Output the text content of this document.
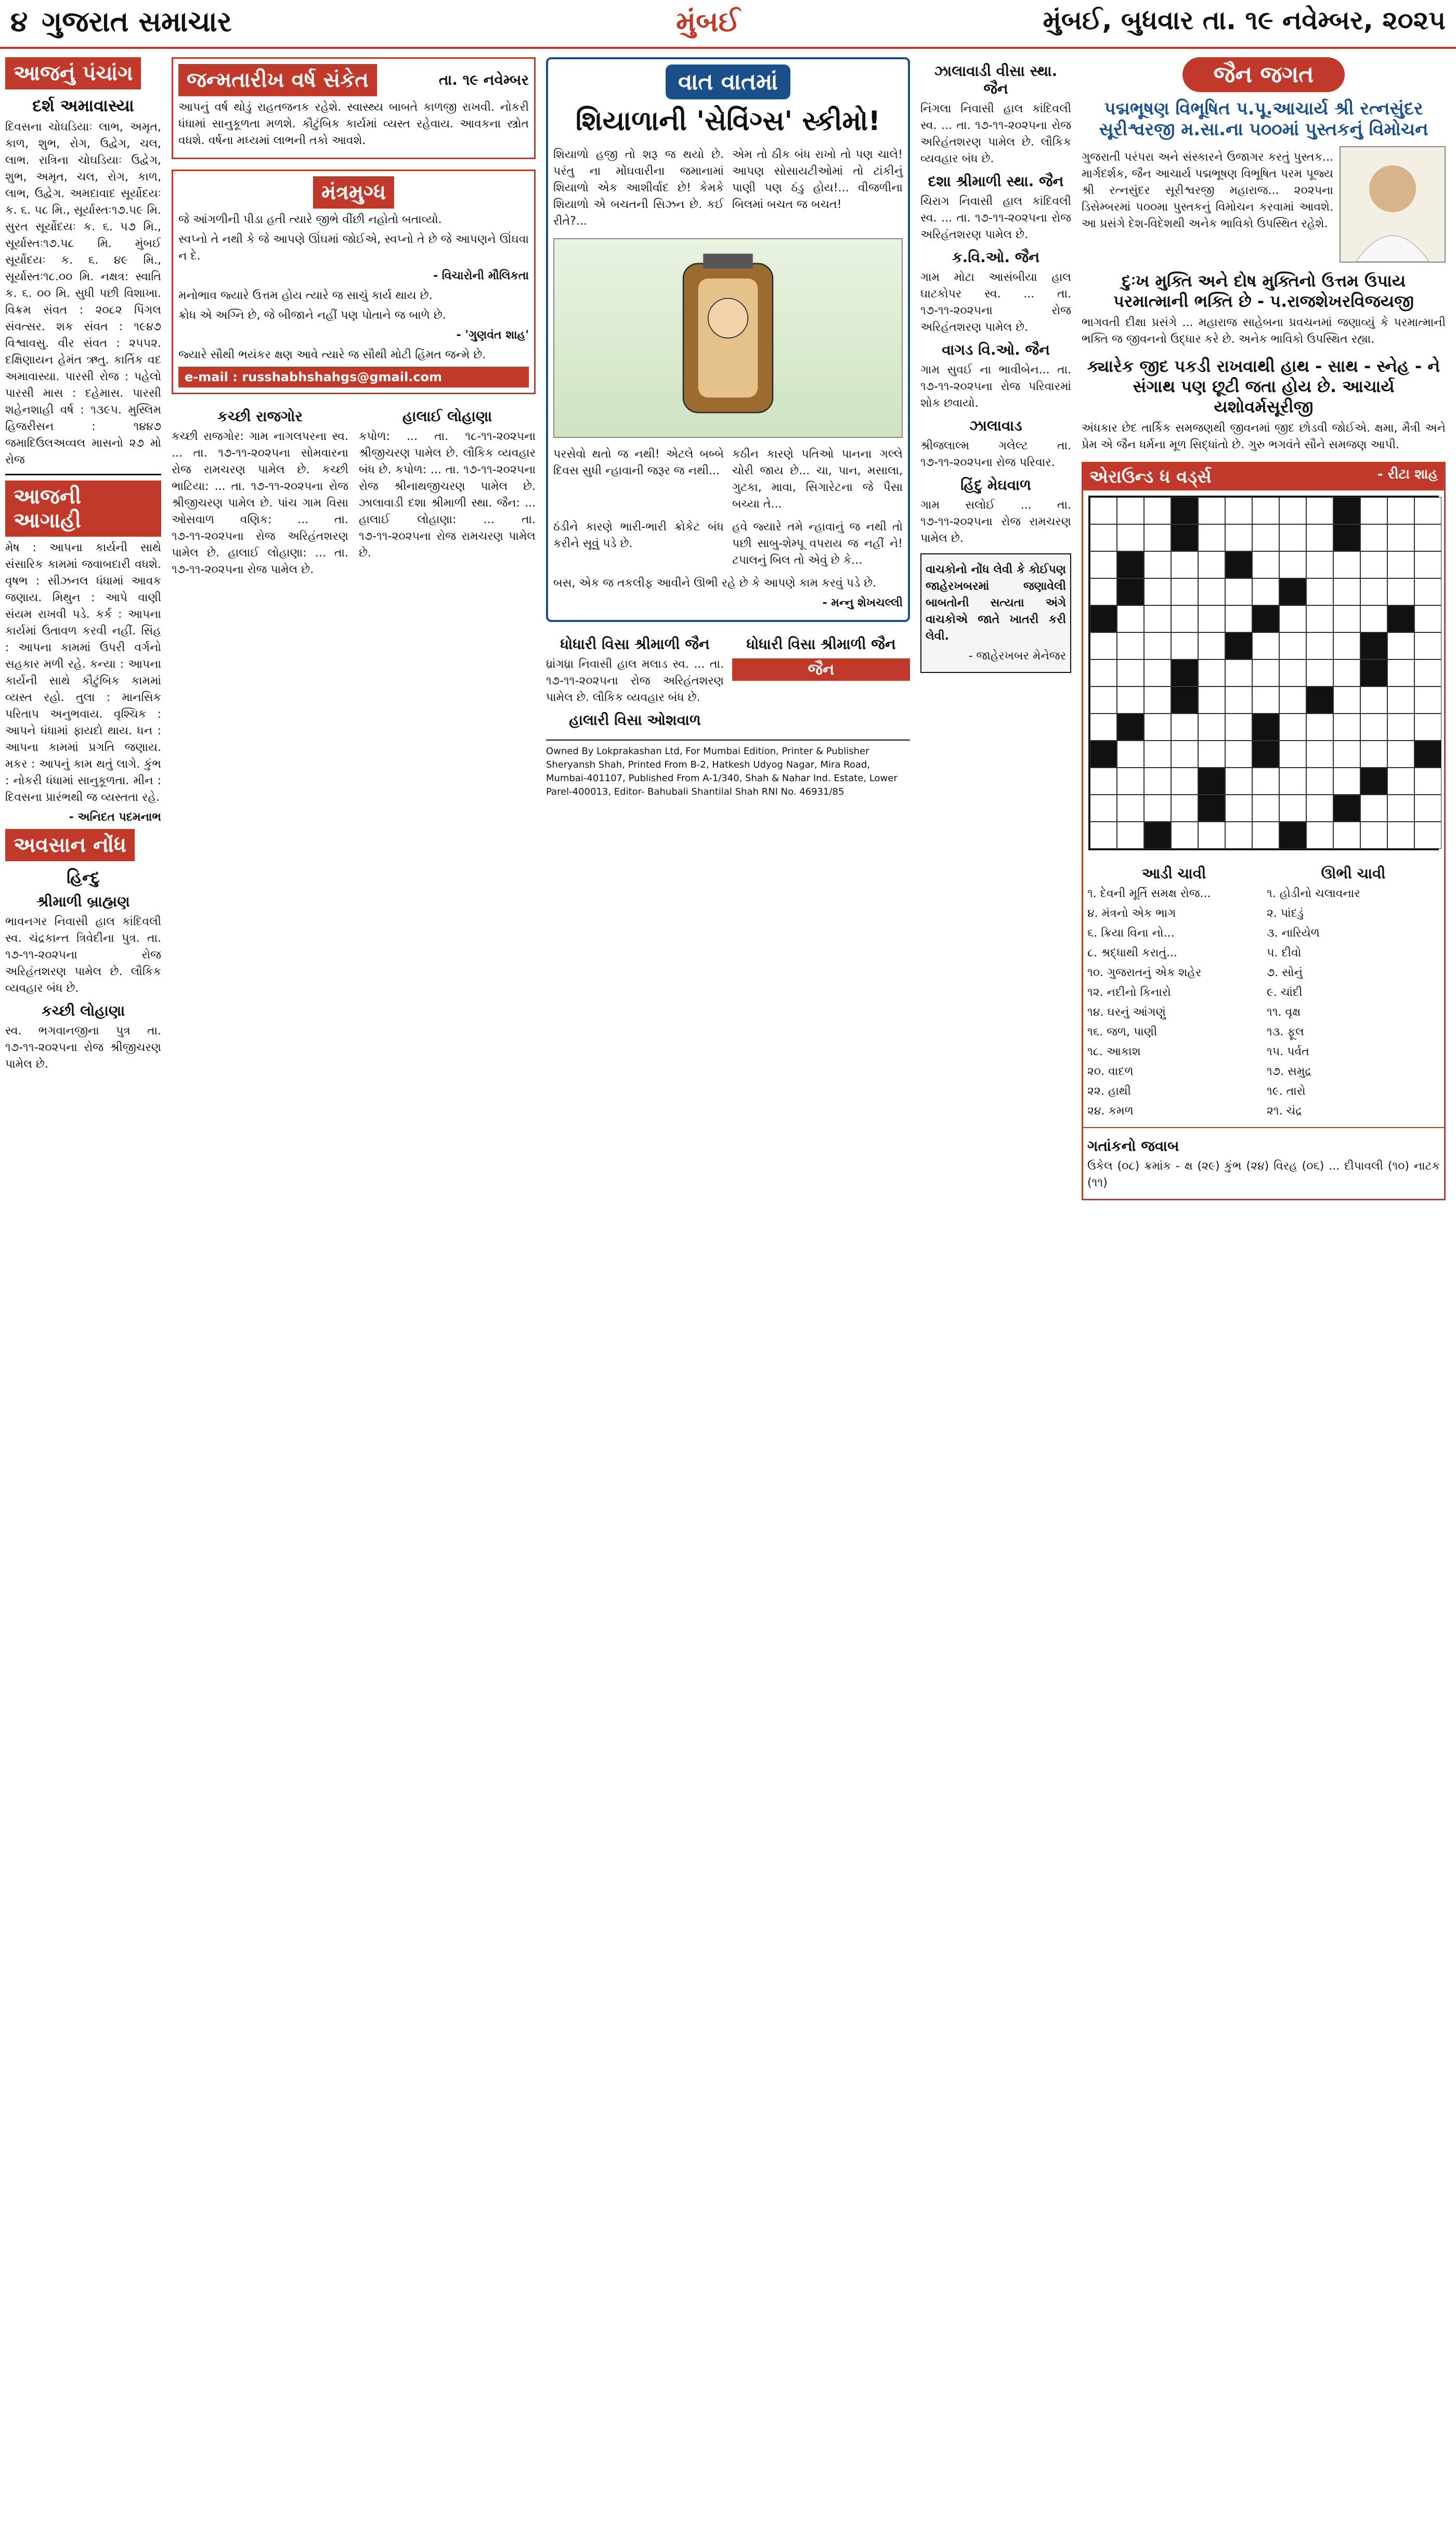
૪ ગુજરાત સમાચાર	મુંબઈ	મુંબઈ, બુધવાર તા. ૧૯ નવેમ્બર, ૨૦૨૫
આજનું પંચાંગ
દર્શ અમાવાસ્યા

દિવસના ચોઘડિયાઃ લાભ, અમૃત, કાળ, શુભ, રોગ, ઉદ્વેગ, ચલ, લાભ. રાત્રિના ચોઘડિયાઃ ઉદ્વેગ, શુભ, અમૃત, ચલ, રોગ, કાળ, લાભ, ઉદ્વેગ. અમદાવાદ સૂર્યોદયઃ ક. ૬. ૫૮ મિ., સૂર્યાસ્તઃ૧૭.૫૯ મિ. સુરત સૂર્યોદયઃ ક. ૬. ૫૭ મિ., સૂર્યાસ્તઃ૧૭.૫૮ મિ. મુંબઈ સૂર્યોદયઃ ક. ૬. ૪૯ મિ., સૂર્યાસ્તઃ૧૮.૦૦ મિ. નક્ષત્ર: સ્વાતિ ક. ૬. ૦૦ મિ. સુધી પછી વિશાખા. વિક્રમ સંવત : ૨૦૮૨ પિંગલ સંવત્સર. શક સંવત : ૧૯૪૭ વિશ્વાવસુ. વીર સંવત : ૨૫૫૨. દક્ષિણાયન હેમંત ઋતુ. કાર્તિક વદ અમાવાસ્યા. પારસી રોજ : પહેલો પારસી માસ : દહેમાસ. પારસી શહેનશાહી વર્ષ : ૧૩૯૫. મુસ્લિમ હિજરીસન : ૧૪૪૭ જમાદિઉલઅવ્વલ માસનો ૨૭ મો રોજ

આજની આગાહી

મેષ : આપના કાર્યની સાથે સંસારિક કામમાં જવાબદારી વધશે. વૃષભ : સીઝનલ ધંધામાં આવક જણાય. મિથુન : આપે વાણી સંયમ રાખવી પડે. કર્ક : આપના કાર્યમાં ઉતાવળ કરવી નહીં. સિંહ : આપના કામમાં ઉપરી વર્ગનો સહકાર મળી રહે. કન્યા : આપના કાર્યની સાથે કૌટુંબિક કામમાં વ્યસ્ત રહો. તુલા : માનસિક પરિતાપ અનુભવાય. વૃશ્ચિક : આપને ધંધામાં ફાયદો થાય. ધન : આપના કામમાં પ્રગતિ જણાય. મકર : આપનું કામ થતું લાગે. કુંભ : નોકરી ધંધામાં સાનુકૂળતા. મીન : દિવસના પ્રારંભથી જ વ્યસ્તતા રહે.

- અનિદત પદમનાભ

અવસાન નોંધ
હિન્દુ
શ્રીમાળી બ્રાહ્મણ

ભાવનગર નિવાસી હાલ કાંદિવલી સ્વ. ચંદ્રકાન્ત ત્રિવેદીના પુત્ર. તા. ૧૭-૧૧-૨૦૨૫ના રોજ અરિહંતશરણ પામેલ છે. લૌકિક વ્યવહાર બંધ છે.

કચ્છી લોહાણા

સ્વ. ભગવાનજીના પુત્ર તા. ૧૭-૧૧-૨૦૨૫ના રોજ શ્રીજીચરણ પામેલ છે.

જન્મતારીખ વર્ષ સંકેત	તા. ૧૯ નવેમ્બર

આપનું વર્ષ થોડું રાહતજનક રહેશે. સ્વાસ્થ્ય બાબતે કાળજી રાખવી. નોકરી ધંધામાં સાનુકૂળતા મળશે. કૌટુંબિક કાર્યમાં વ્યસ્ત રહેવાય. આવકના સ્ત્રોત વધશે. વર્ષના મધ્યમાં લાભની તકો આવશે.

મંત્રમુગ્ધ

જે આંગળીની પીડા હતી ત્યારે જીભે વીંછી નહોતો બતાવ્યો.

સ્વપ્નો તે નથી કે જે આપણે ઊંઘમાં જોઈએ, સ્વપ્નો તે છે જે આપણને ઊંઘવા ન દે.

- વિચારોની મૌલિકતા

મનોભાવ જ્યારે ઉત્તમ હોય ત્યારે જ સાચું કાર્ય થાય છે.

ક્રોધ એ અગ્નિ છે, જે બીજાને નહીં પણ પોતાને જ બાળે છે.

- 'ગુણવંત શાહ'

જ્યારે સૌથી ભયંકર ક્ષણ આવે ત્યારે જ સૌથી મોટી હિંમત જન્મે છે.

e-mail : russhabhshahgs@gmail.com
કચ્છી રાજગોર

કચ્છી રાજગોર: ગામ નાગલપરના સ્વ. ... તા. ૧૭-૧૧-૨૦૨૫ના સોમવારના રોજ રામચરણ પામેલ છે. કચ્છી ભાટિયા: ... તા. ૧૭-૧૧-૨૦૨૫ના રોજ શ્રીજીચરણ પામેલ છે. પાંચ ગામ વિસા ઓસવાળ વણિક: ... તા. ૧૭-૧૧-૨૦૨૫ના રોજ અરિહંતશરણ પામેલ છે. હાલાઈ લોહાણા: ... તા. ૧૭-૧૧-૨૦૨૫ના રોજ પામેલ છે.

હાલાઈ લોહાણા

કપોળ: ... તા. ૧૮-૧૧-૨૦૨૫ના શ્રીજીચરણ પામેલ છે. લૌકિક વ્યવહાર બંધ છે. કપોળ: ... તા. ૧૭-૧૧-૨૦૨૫ના રોજ શ્રીનાથજીચરણ પામેલ છે. ઝાલાવાડી દશા શ્રીમાળી સ્થા. જૈન: ... હાલાઈ લોહાણા: ... તા. ૧૭-૧૧-૨૦૨૫ના રોજ રામચરણ પામેલ છે.

વાત વાતમાં
શિયાળાની 'સેવિંગ્સ' સ્કીમો!

શિયાળો હજી તો શરૂ જ થયો છે. પરંતુ ના મોંઘવારીના જમાનામાં શિયાળો એક આશીર્વાદ છે! કેમકે શિયાળો એ બચતની સિઝન છે. કઈ રીતે?...

એમ તો ઠીક બંધ રાખો તો પણ ચાલે! આપણ સોસાયટીઓમાં તો ટાંકીનું પાણી પણ ઠંડુ હોય!... વીજળીના બિલમાં બચત જ બચત!

પરસેવો થતો જ નથી! એટલે બબ્બે દિવસ સુધી ન્હાવાની જરૂર જ નથી...

કઠીન કારણે પતિઓ પાનના ગલ્લે ચોરી જાય છે... ચા, પાન, મસાલા, ગુટકા, માવા, સિગારેટના જે પૈસા બચ્યા તે...

ઠંડીને કારણે ભારી-ભારી ક્રોકેટ બંધ કરીને સૂવું પડે છે.

હવે જ્યારે તમે ન્હાવાનું જ નથી તો પછી સાબુ-શેમ્પૂ વપરાય જ નહીં ને! ટપાલનું બિલ તો એવું છે કે...

બસ, એક જ તકલીફ આવીને ઊભી રહે છે કે આપણે કામ કરવું પડે છે.

- મન્નુ શેખચલ્લી

ધોધારી વિસા શ્રીમાળી જૈન

ધ્રાંગધ્રા નિવાસી હાલ મલાડ સ્વ. ... તા. ૧૭-૧૧-૨૦૨૫ના રોજ અરિહંતશરણ પામેલ છે. લૌકિક વ્યવહાર બંધ છે.

હાલારી વિસા ઓશવાળ
ધોધારી વિસા શ્રીમાળી જૈન
જૈન
Owned By Lokprakashan Ltd, For Mumbai Edition, Printer & Publisher Sheryansh Shah, Printed From B-2, Hatkesh Udyog Nagar, Mira Road, Mumbai-401107, Published From A-1/340, Shah & Nahar Ind. Estate, Lower Parel-400013, Editor- Bahubali Shantilal Shah RNI No. 46931/85
ઝાલાવાડી વીસા સ્થા. જૈન

નિંગલા નિવાસી હાલ કાંદિવલી સ્વ. ... તા. ૧૭-૧૧-૨૦૨૫ના રોજ અરિહંતશરણ પામેલ છે. લૌકિક વ્યવહાર બંધ છે.

દશા શ્રીમાળી સ્થા. જૈન

ચિરાગ નિવાસી હાલ કાંદિવલી સ્વ. ... તા. ૧૭-૧૧-૨૦૨૫ના રોજ અરિહંતશરણ પામેલ છે.

ક.વિ.ઓ. જૈન

ગામ મોટા આસંબીયા હાલ ઘાટકોપર સ્વ. ... તા. ૧૭-૧૧-૨૦૨૫ના રોજ અરિહંતશરણ પામેલ છે.

વાગડ વિ.ઓ. જૈન

ગામ સુવઈ ના ભાવીબેન... તા. ૧૭-૧૧-૨૦૨૫ના રોજ પરિવારમાં શોક છવાયો.

ઝાલાવાડ

શ્રીજલાલ્મ ગલેલ્ટ તા. ૧૭-૧૧-૨૦૨૫ના રોજ પરિવાર.

હિંદુ મેઘવાળ

ગામ સલોઈ ... તા. ૧૭-૧૧-૨૦૨૫ના રોજ રામચરણ પામેલ છે.

વાચકોનો નોંધ લેવી કે કોઈપણ જાહેરખબરમાં જણાવેલી બાબતોની સત્યતા અંગે વાચકોએ જાતે ખાતરી કરી લેવી.

- જાહેરખબર મેનેજર

જૈન જગત
પદ્મભૂષણ વિભૂષિત પ.પૂ.આચાર્ય શ્રી રત્નસુંદર સૂરીશ્વરજી મ.સા.ના ૫૦૦માં પુસ્તકનું વિમોચન

ગુજરાતી પરંપરા અને સંસ્કારને ઉજાગર કરતું પુસ્તક... માર્ગદર્શક, જૈન આચાર્ય પદ્મભૂષણ વિભૂષિત પરમ પૂજ્ય શ્રી રત્નસુંદર સૂરીશ્વરજી મહારાજ... ૨૦૨૫ના ડિસેમ્બરમાં ૫૦૦મા પુસ્તકનું વિમોચન કરવામાં આવશે. આ પ્રસંગે દેશ-વિદેશથી અનેક ભાવિકો ઉપસ્થિત રહેશે.

દુઃખ મુક્તિ અને દોષ મુક્તિનો ઉત્તમ ઉપાય પરમાત્માની ભક્તિ છે - પ.રાજશેખરવિજયજી

ભાગવતી દીક્ષા પ્રસંગે ... મહારાજ સાહેબના પ્રવચનમાં જણાવ્યું કે પરમાત્માની ભક્તિ જ જીવનનો ઉદ્ધાર કરે છે. અનેક ભાવિકો ઉપસ્થિત રહ્યા.

ક્યારેક જીદ પકડી રાખવાથી હાથ - સાથ - સ્નેહ - ને સંગાથ પણ છૂટી જતા હોય છે. આચાર્ય યશોવર્મસૂરીજી

અંધકાર છેદ તાર્કિક સમજણથી જીવનમાં જીદ છોડવી જોઈએ. ક્ષમા, મૈત્રી અને પ્રેમ એ જૈન ધર્મના મૂળ સિદ્ધાંતો છે. ગુરુ ભગવંતે સૌને સમજણ આપી.

એરાઉન્ડ ધ વર્ડ્સ	- રીટા શાહ
આડી ચાવી
૧. દેવની મૂર્તિ સમક્ષ રોજ...
૪. મંત્રનો એક ભાગ
૬. ક્રિયા વિના નો...
૮. શ્રદ્ધાથી કરાતું...
૧૦. ગુજરાતનું એક શહેર
૧૨. નદીનો કિનારો
૧૪. ઘરનું આંગણું
૧૬. જળ, પાણી
૧૮. આકાશ
૨૦. વાદળ
૨૨. હાથી
૨૪. કમળ
ઊભી ચાવી
૧. હોડીનો ચલાવનાર
૨. પાંદડું
૩. નારિયેળ
૫. દીવો
૭. સોનું
૯. ચાંદી
૧૧. વૃક્ષ
૧૩. ફૂલ
૧૫. પર્વત
૧૭. સમુદ્ર
૧૯. તારો
૨૧. ચંદ્ર
ગતાંકનો જવાબ

ઉકેલ (૦૮) ક્રમાંક - ક્ષ (૨૯) કુંભ (૨૪) વિરહ (૦૬) ... દીપાવલી (૧૦) નાટક (૧૧)
